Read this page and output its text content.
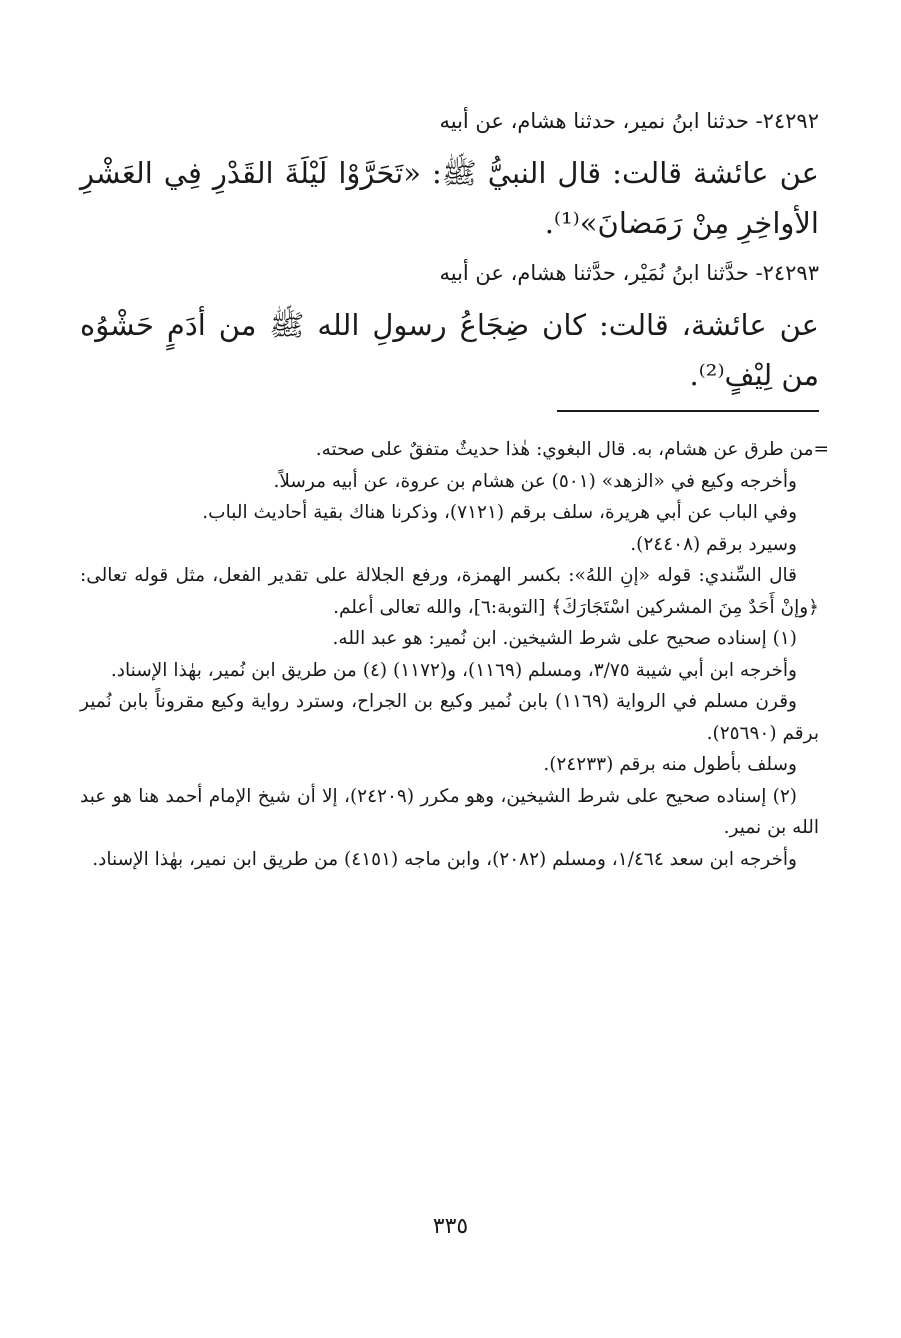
٢٤٢٩٢- حدثنا ابنُ نمير، حدثنا هشام، عن أبيه

عن عائشة قالت: قال النبيُّ ﷺ: «تَحَرَّوْا لَيْلَةَ القَدْرِ فِي العَشْرِ الأواخِرِ مِنْ رَمَضانَ»⁽¹⁾.

٢٤٢٩٣- حدَّثنا ابنُ نُمَيْر، حدَّثنا هشام، عن أبيه

عن عائشة، قالت: كان ضِجَاعُ رسولِ الله ﷺ من أدَمٍ حَشْوُه من لِيْفٍ⁽²⁾.

=من طرق عن هشام، به. قال البغوي: هٰذا حديثٌ متفقٌ على صحته.

وأخرجه وكيع في «الزهد» (٥٠١) عن هشام بن عروة، عن أبيه مرسلاً.

وفي الباب عن أبي هريرة، سلف برقم (٧١٢١)، وذكرنا هناك بقية أحاديث الباب.

وسيرد برقم (٢٤٤٠٨).

قال السِّندي: قوله «إنِ اللهُ»: بكسر الهمزة، ورفع الجلالة على تقدير الفعل، مثل قوله تعالى: ﴿وإنْ أَحَدٌ مِنَ المشركين اسْتَجَارَكَ﴾ [التوبة:٦]، والله تعالى أعلم.

(١) إسناده صحيح على شرط الشيخين. ابن نُمير: هو عبد الله.

وأخرجه ابن أبي شيبة ٣/٧٥، ومسلم (١١٦٩)، و(١١٧٢) (٤) من طريق ابن نُمير، بهٰذا الإسناد.

وقرن مسلم في الرواية (١١٦٩) بابن نُمير وكيع بن الجراح، وسترد رواية وكيع مقروناً بابن نُمير برقم (٢٥٦٩٠).

وسلف بأطول منه برقم (٢٤٢٣٣).

(٢) إسناده صحيح على شرط الشيخين، وهو مكرر (٢٤٢٠٩)، إلا أن شيخ الإمام أحمد هنا هو عبد الله بن نمير.

وأخرجه ابن سعد ١/٤٦٤، ومسلم (٢٠٨٢)، وابن ماجه (٤١٥١) من طريق ابن نمير، بهٰذا الإسناد.

٣٣٥
